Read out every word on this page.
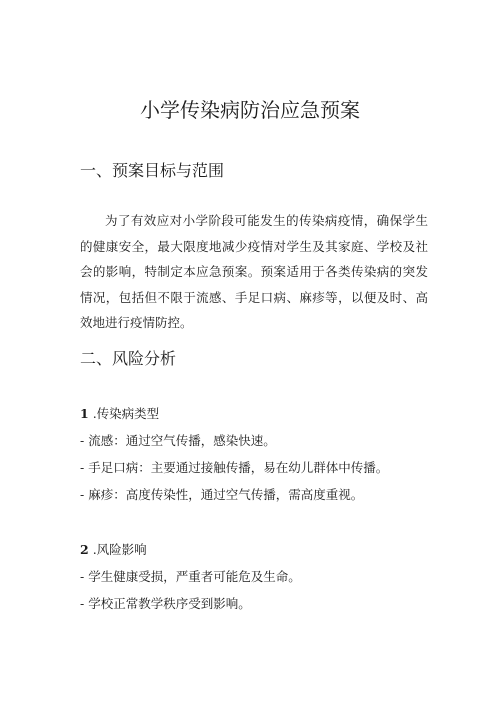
小学传染病防治应急预案
一、预案目标与范围
为了有效应对小学阶段可能发生的传染病疫情，确保学生的健康安全，最大限度地减少疫情对学生及其家庭、学校及社会的影响，特制定本应急预案。预案适用于各类传染病的突发情况，包括但不限于流感、手足口病、麻疹等，以便及时、高效地进行疫情防控。
二、风险分析
1 .传染病类型
- 流感：通过空气传播，感染快速。
- 手足口病：主要通过接触传播，易在幼儿群体中传播。
- 麻疹：高度传染性，通过空气传播，需高度重视。
2 .风险影响
- 学生健康受损，严重者可能危及生命。
- 学校正常教学秩序受到影响。
